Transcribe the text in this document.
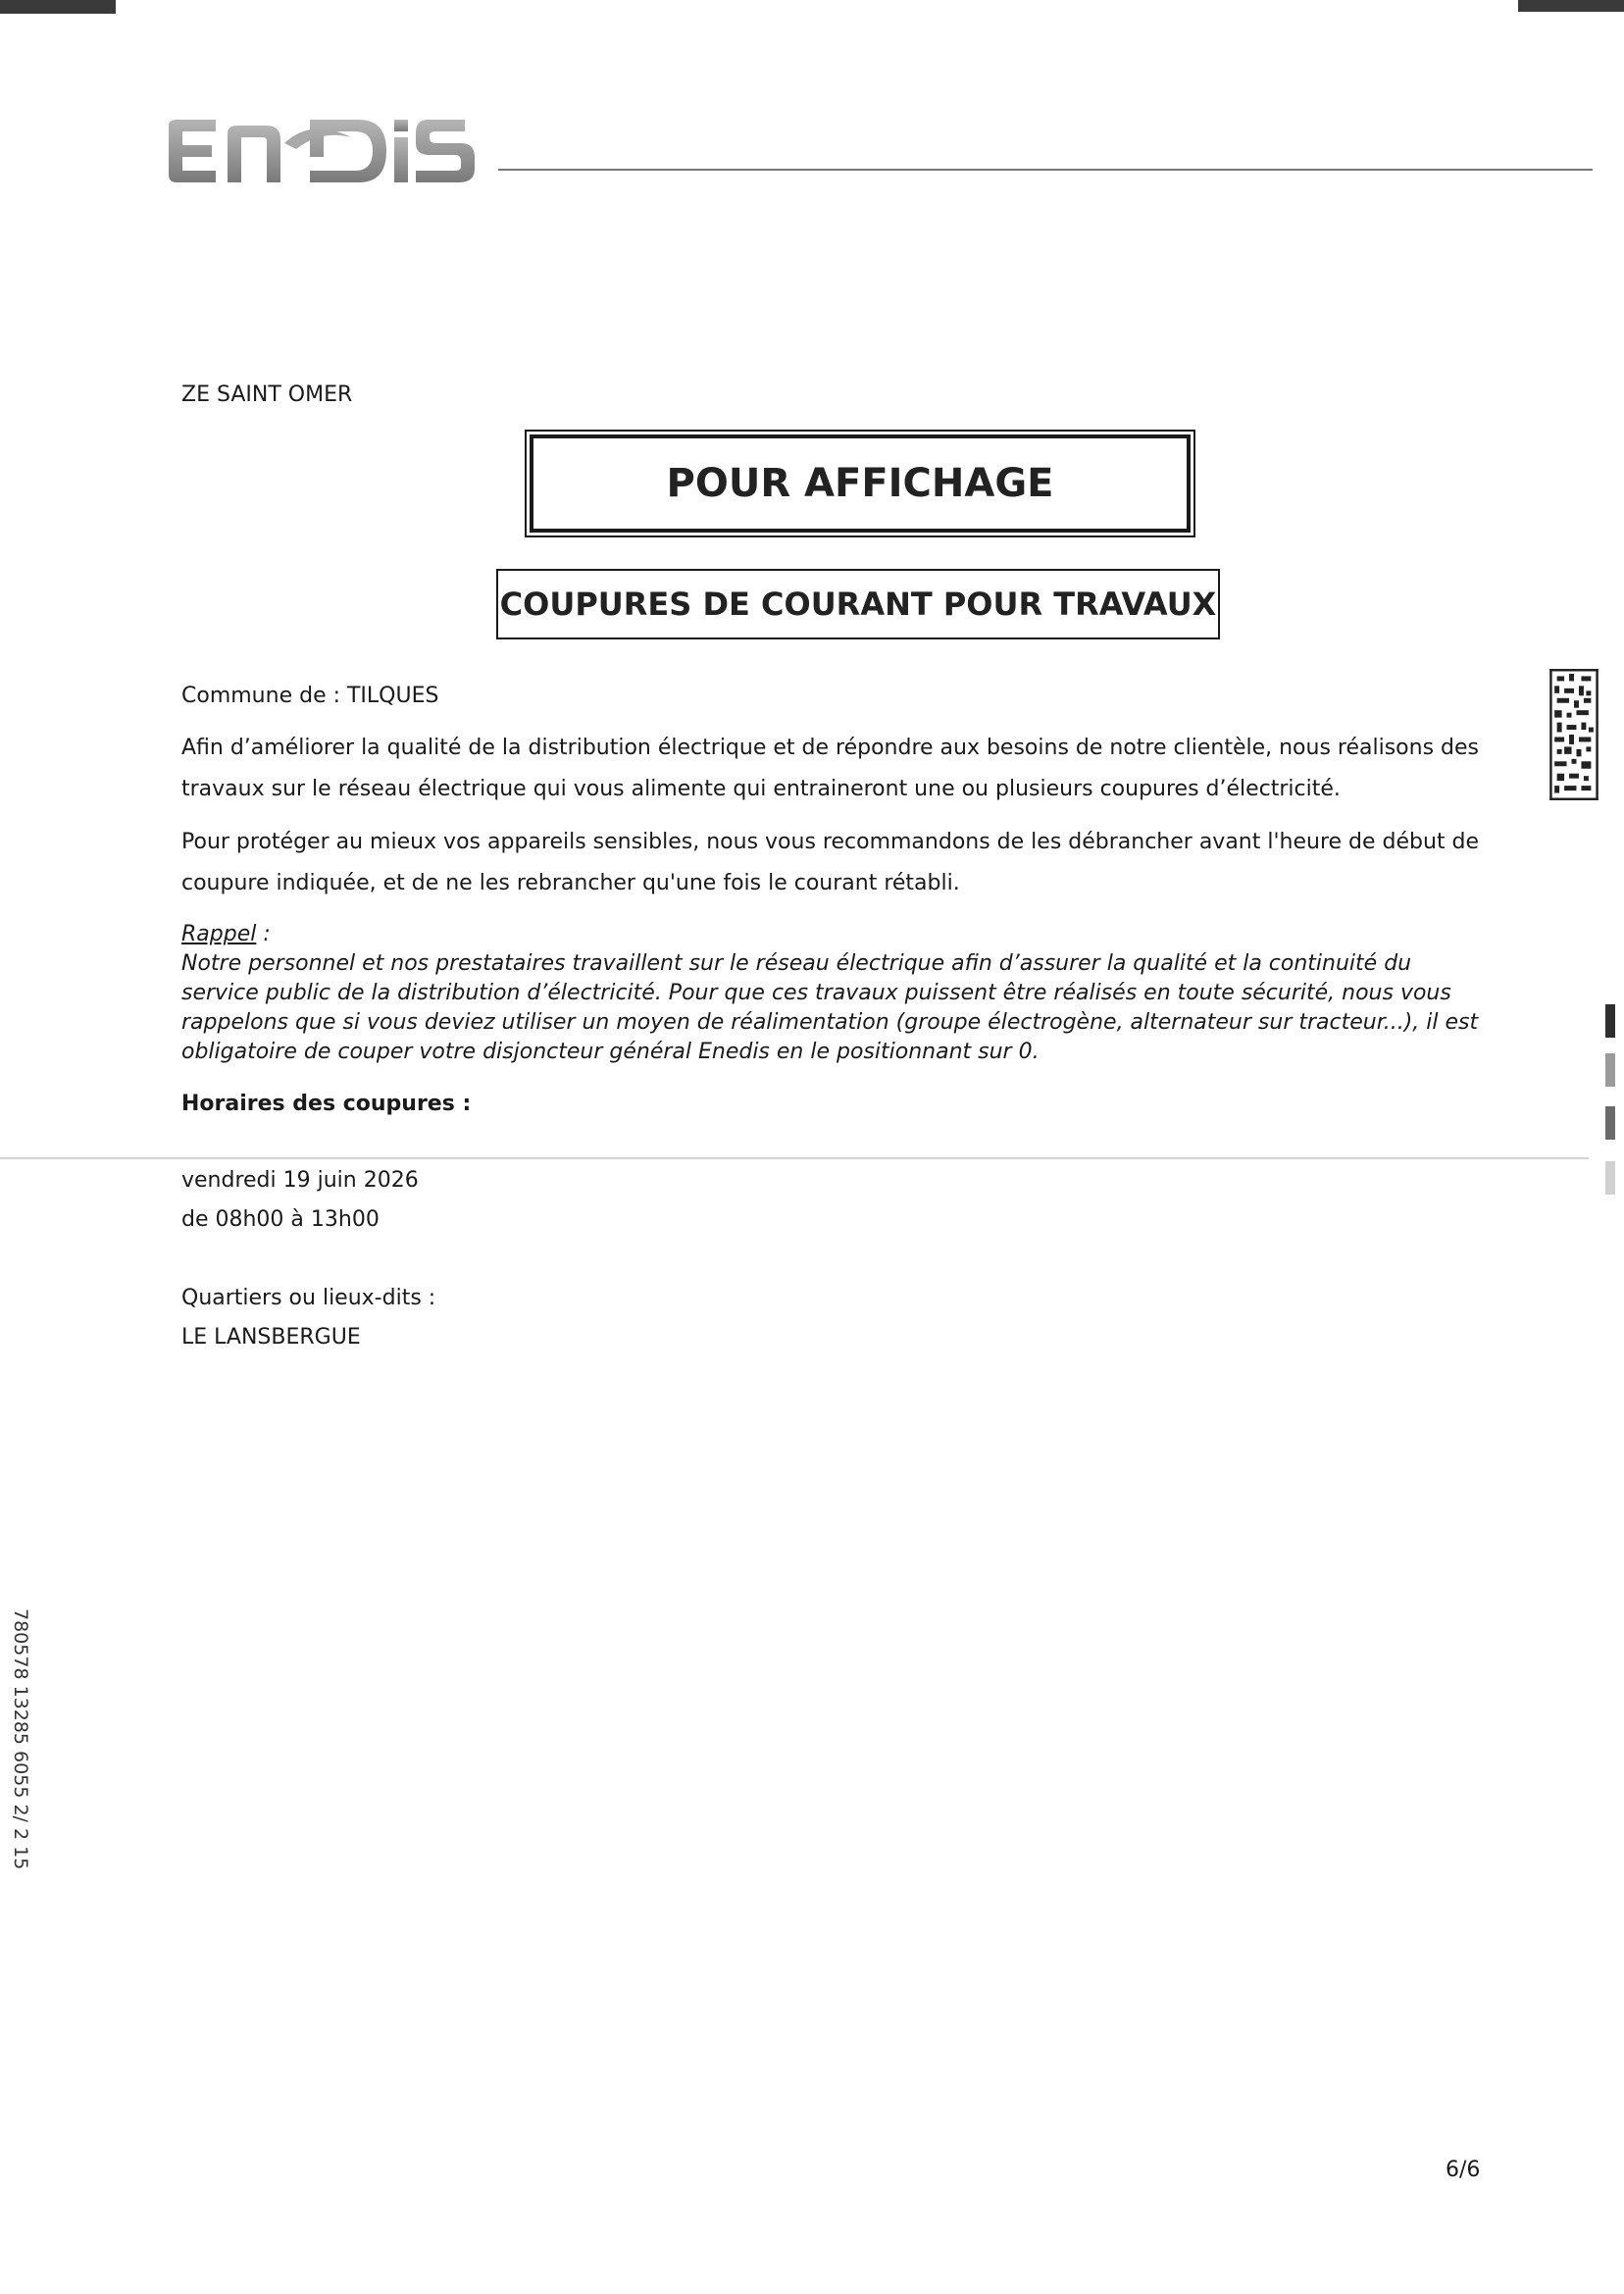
ZE SAINT OMER
POUR AFFICHAGE
COUPURES DE COURANT POUR TRAVAUX
Commune de : TILQUES
Afin d’améliorer la qualité de la distribution électrique et de répondre aux besoins de notre clientèle, nous réalisons des travaux sur le réseau électrique qui vous alimente qui entraineront une ou plusieurs coupures d’électricité.
Pour protéger au mieux vos appareils sensibles, nous vous recommandons de les débrancher avant l'heure de début de coupure indiquée, et de ne les rebrancher qu'une fois le courant rétabli.
Rappel :
Notre personnel et nos prestataires travaillent sur le réseau électrique afin d’assurer la qualité et la continuité du service public de la distribution d’électricité. Pour que ces travaux puissent être réalisés en toute sécurité, nous vous rappelons que si vous deviez utiliser un moyen de réalimentation (groupe électrogène, alternateur sur tracteur...), il est obligatoire de couper votre disjoncteur général Enedis en le positionnant sur 0.
Horaires des coupures :
vendredi 19 juin 2026
de 08h00 à 13h00
Quartiers ou lieux-dits :
LE LANSBERGUE
780578 13285 6055 2/ 2 15
6/6
